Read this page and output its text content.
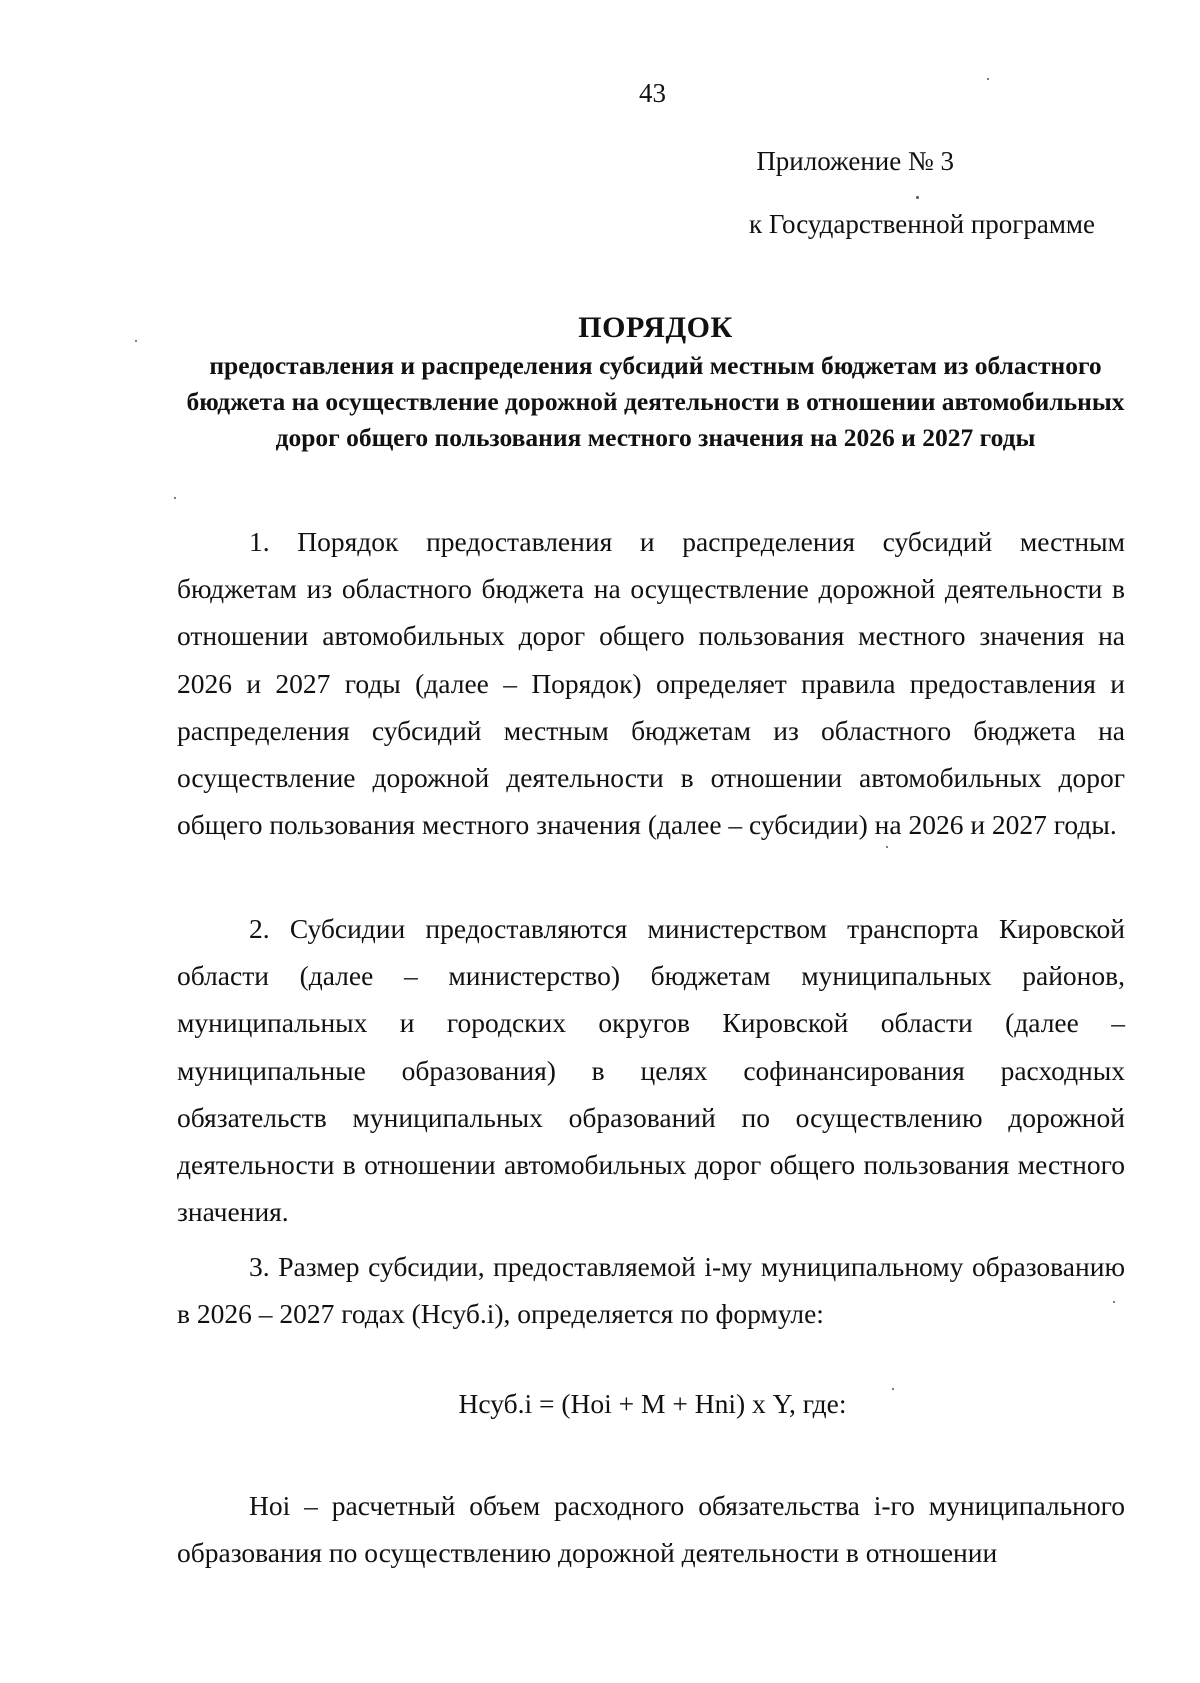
43
Приложение № 3
к Государственной программе
ПОРЯДОК
предоставления и распределения субсидий местным бюджетам из областного бюджета на осуществление дорожной деятельности в отношении автомобильных дорог общего пользования местного значения на 2026 и 2027 годы
1. Порядок предоставления и распределения субсидий местным бюджетам из областного бюджета на осуществление дорожной деятельности в отношении автомобильных дорог общего пользования местного значения на 2026 и 2027 годы (далее – Порядок) определяет правила предоставления и распределения субсидий местным бюджетам из областного бюджета на осуществление дорожной деятельности в отношении автомобильных дорог общего пользования местного значения (далее – субсидии) на 2026 и 2027 годы.
2. Субсидии предоставляются министерством транспорта Кировской области (далее – министерство) бюджетам муниципальных районов, муниципальных и городских округов Кировской области (далее – муниципальные образования) в целях софинансирования расходных обязательств муниципальных образований по осуществлению дорожной деятельности в отношении автомобильных дорог общего пользования местного значения.
3. Размер субсидии, предоставляемой i-му муниципальному образованию в 2026 – 2027 годах (Нсуб.i), определяется по формуле:
Нсуб.i = (Hoi + М + Hni) х Y, где:
Hoi – расчетный объем расходного обязательства i-го муниципального образования по осуществлению дорожной деятельности в отношении
